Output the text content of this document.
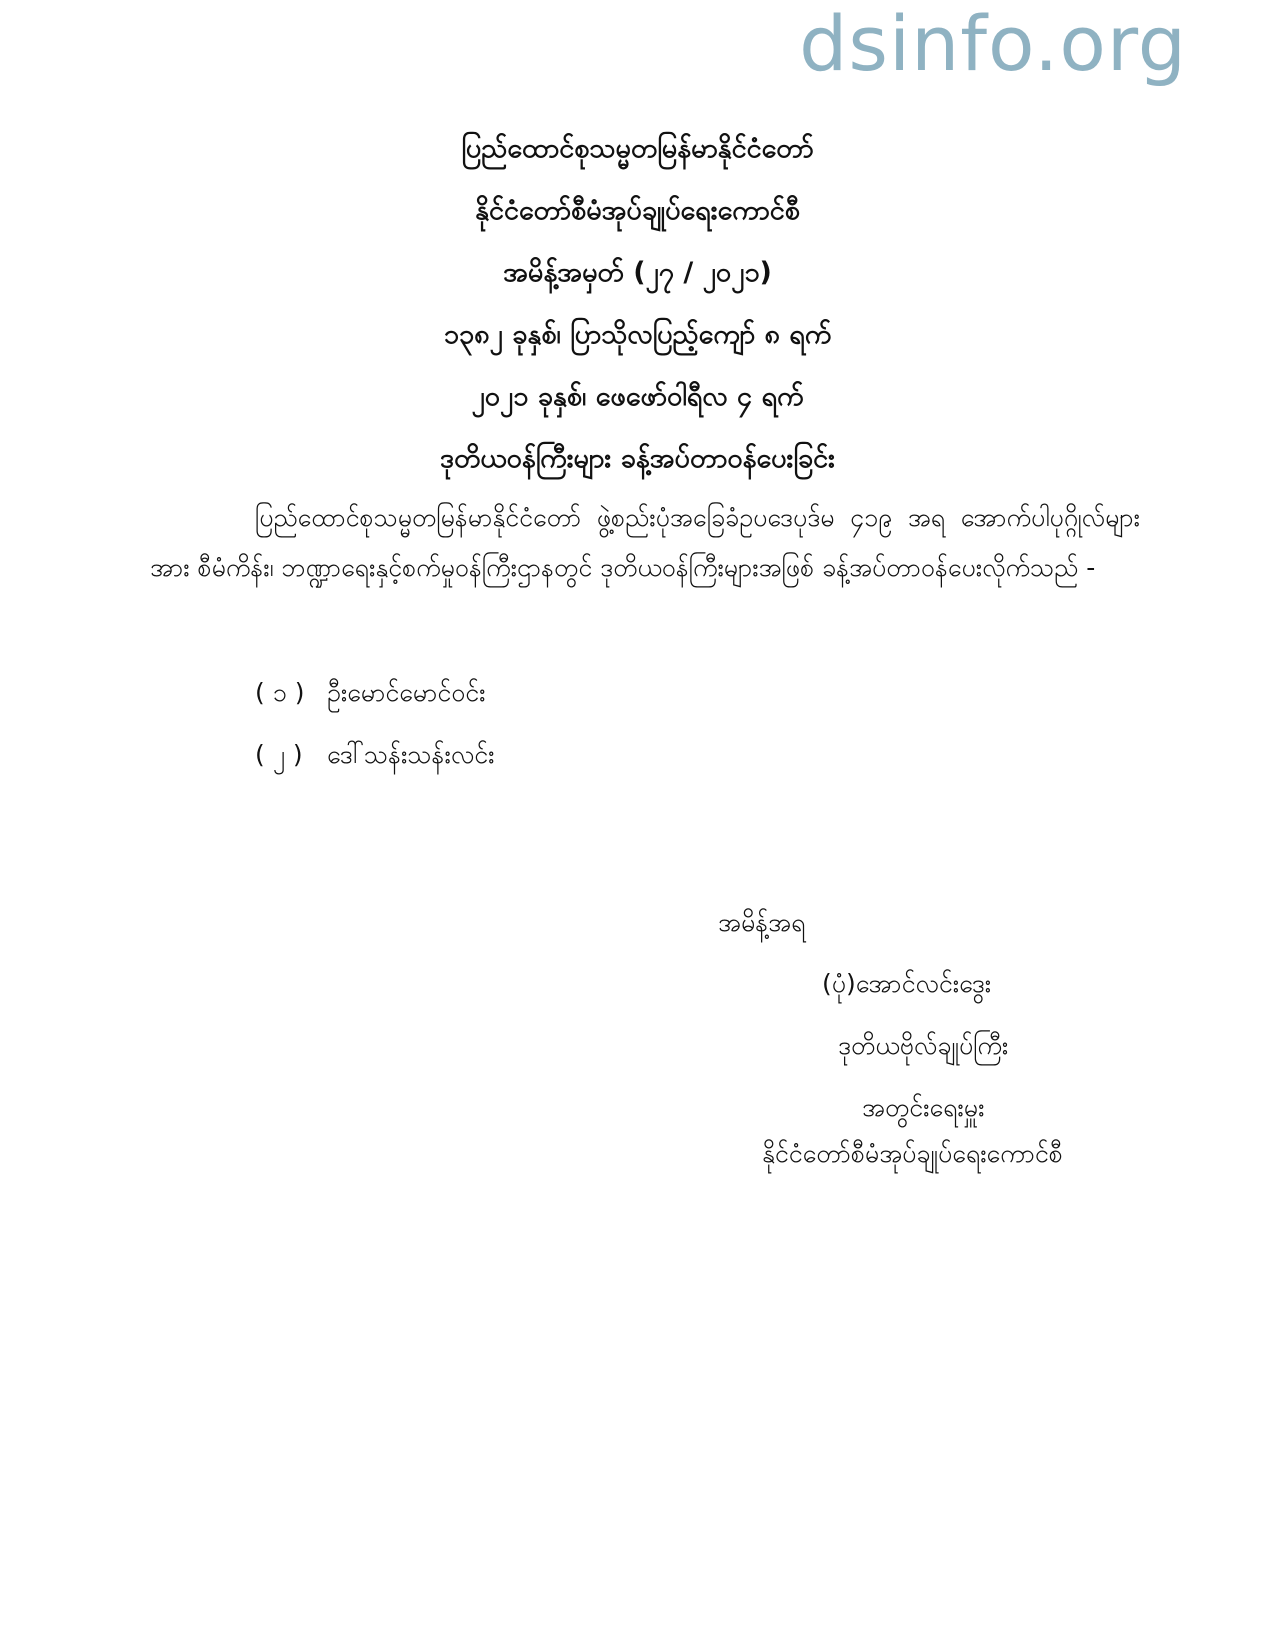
dsinfo.org
ပြည်ထောင်စုသမ္မတမြန်မာနိုင်ငံတော်
နိုင်ငံတော်စီမံအုပ်ချုပ်ရေးကောင်စီ
အမိန့်အမှတ် (၂၇ / ၂၀၂၁)
၁၃၈၂ ခုနှစ်၊ ပြာသိုလပြည့်ကျော် ၈ ရက်
၂၀၂၁ ခုနှစ်၊ ဖေဖော်ဝါရီလ ၄ ရက်
ဒုတိယဝန်ကြီးများ ခန့်အပ်တာဝန်ပေးခြင်း
ပြည်ထောင်စုသမ္မတမြန်မာနိုင်ငံတော် ဖွဲ့စည်းပုံအခြေခံဥပဒေပုဒ်မ ၄၁၉ အရ အောက်ပါပုဂ္ဂိုလ်များအား စီမံကိန်း၊ ဘဏ္ဍာရေးနှင့်စက်မှုဝန်ကြီးဌာနတွင် ဒုတိယဝန်ကြီးများအဖြစ် ခန့်အပ်တာဝန်ပေးလိုက်သည် -
( ၁ ) ဦးမောင်မောင်ဝင်း
( ၂ ) ဒေါ်သန်းသန်းလင်း
အမိန့်အရ
(ပုံ)အောင်လင်းဒွေး
ဒုတိယဗိုလ်ချုပ်ကြီး
အတွင်းရေးမှူး
နိုင်ငံတော်စီမံအုပ်ချုပ်ရေးကောင်စီ
